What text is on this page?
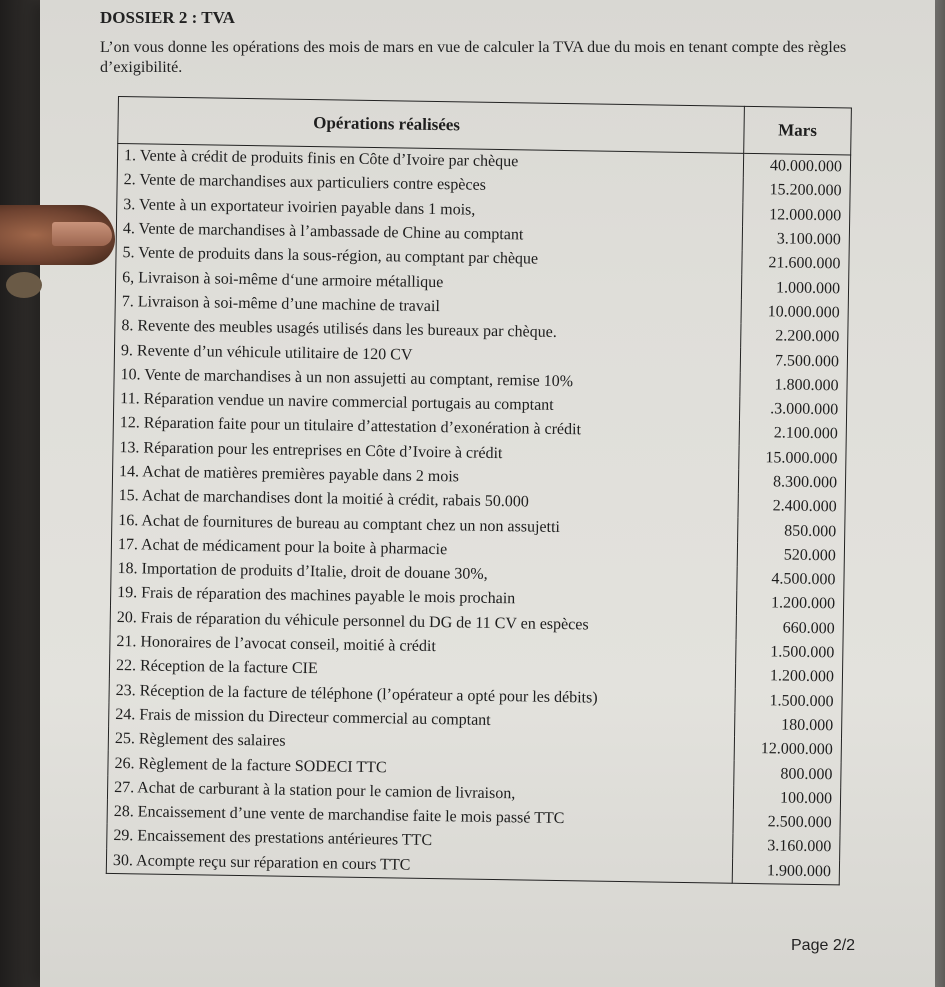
DOSSIER 2 : TVA
L’on vous donne les opérations des mois de mars en vue de calculer la TVA due du mois en tenant compte des règles d’exigibilité.
Opérations réalisées	Mars
1. Vente à crédit de produits finis en Côte d’Ivoire par chèque	40.000.000
2. Vente de marchandises aux particuliers contre espèces	15.200.000
3. Vente à un exportateur ivoirien payable dans 1 mois,	12.000.000
4. Vente de marchandises à l’ambassade de Chine au comptant	3.100.000
5. Vente de produits dans la sous-région, au comptant par chèque	21.600.000
6, Livraison à soi-même d‘une armoire métallique	1.000.000
7. Livraison à soi-même d’une machine de travail	10.000.000
8. Revente des meubles usagés utilisés dans les bureaux par chèque.	2.200.000
9. Revente d’un véhicule utilitaire de 120 CV	7.500.000
10. Vente de marchandises à un non assujetti au comptant, remise 10%	1.800.000
11. Réparation vendue un navire commercial portugais au comptant	.3.000.000
12. Réparation faite pour un titulaire d’attestation d’exonération à crédit	2.100.000
13. Réparation pour les entreprises en Côte d’Ivoire à crédit	15.000.000
14. Achat de matières premières payable dans 2 mois	8.300.000
15. Achat de marchandises dont la moitié à crédit, rabais 50.000	2.400.000
16. Achat de fournitures de bureau au comptant chez un non assujetti	850.000
17. Achat de médicament pour la boite à pharmacie	520.000
18. Importation de produits d’Italie, droit de douane 30%,	4.500.000
19. Frais de réparation des machines payable le mois prochain	1.200.000
20. Frais de réparation du véhicule personnel du DG de 11 CV en espèces	660.000
21. Honoraires de l’avocat conseil, moitié à crédit	1.500.000
22. Réception de la facture CIE	1.200.000
23. Réception de la facture de téléphone (l’opérateur a opté pour les débits)	1.500.000
24. Frais de mission du Directeur commercial au comptant	180.000
25. Règlement des salaires	12.000.000
26. Règlement de la facture SODECI TTC	800.000
27. Achat de carburant à la station pour le camion de livraison,	100.000
28. Encaissement d’une vente de marchandise faite le mois passé TTC	2.500.000
29. Encaissement des prestations antérieures TTC	3.160.000
30. Acompte reçu sur réparation en cours TTC	1.900.000
Page 2/2
